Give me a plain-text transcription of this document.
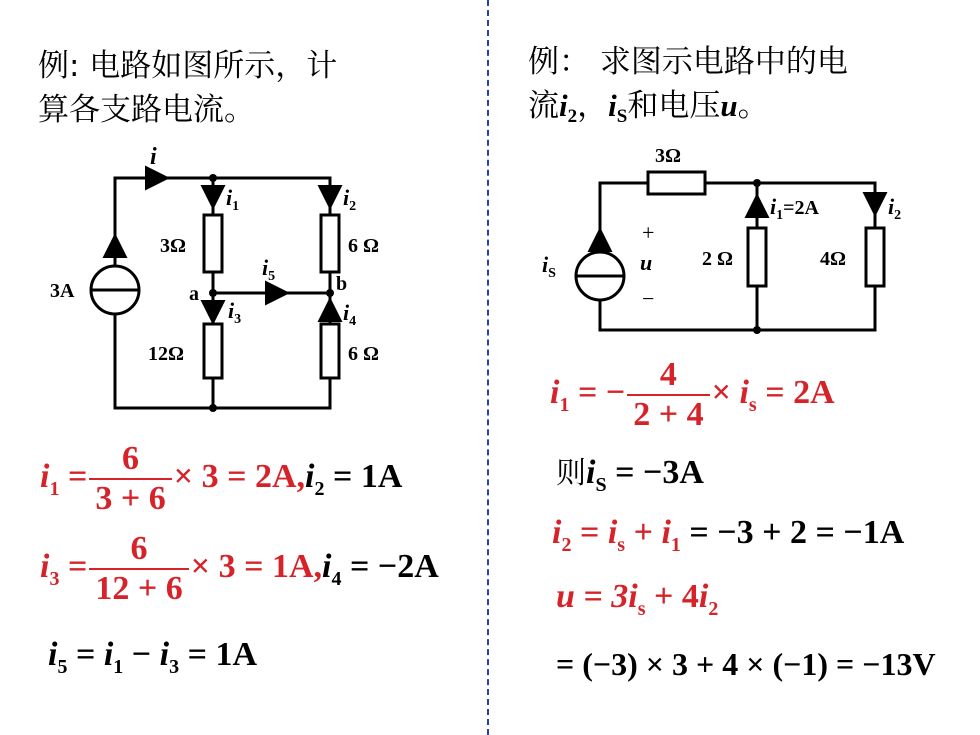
例: 电路如图所示，计
算各支路电流。
例： 求图示电路中的电
流$i_2$，$i_S$和电压u。
i
$i_1$	$i_2$
$i_3$	$i_4$
$i_5$
3Ω	6 Ω
12Ω	6 Ω
3A	a	b
3Ω
2 Ω	4Ω
$i_S$
+
u
−
$i_1=2A$	$i_2$
$i_1 = \frac{6}{3 + 6} \times 3 = 2A,i_2 = 1A$
$i_3 = \frac{6}{12 + 6} \times 3 = 1A,i_4 = -2A$
$i_5 = i_1 - i_3 = 1A$
$i_1$ = − $\frac{4}{2 + 4} \times i_s = 2A$
则$i_S = -3A$
$i_2 = i_s + i_1 = -3 + 2 = -1A$
$u = 3i_s + 4i_2$
= (−3) × 3 + 4 × (−1) = −13V
